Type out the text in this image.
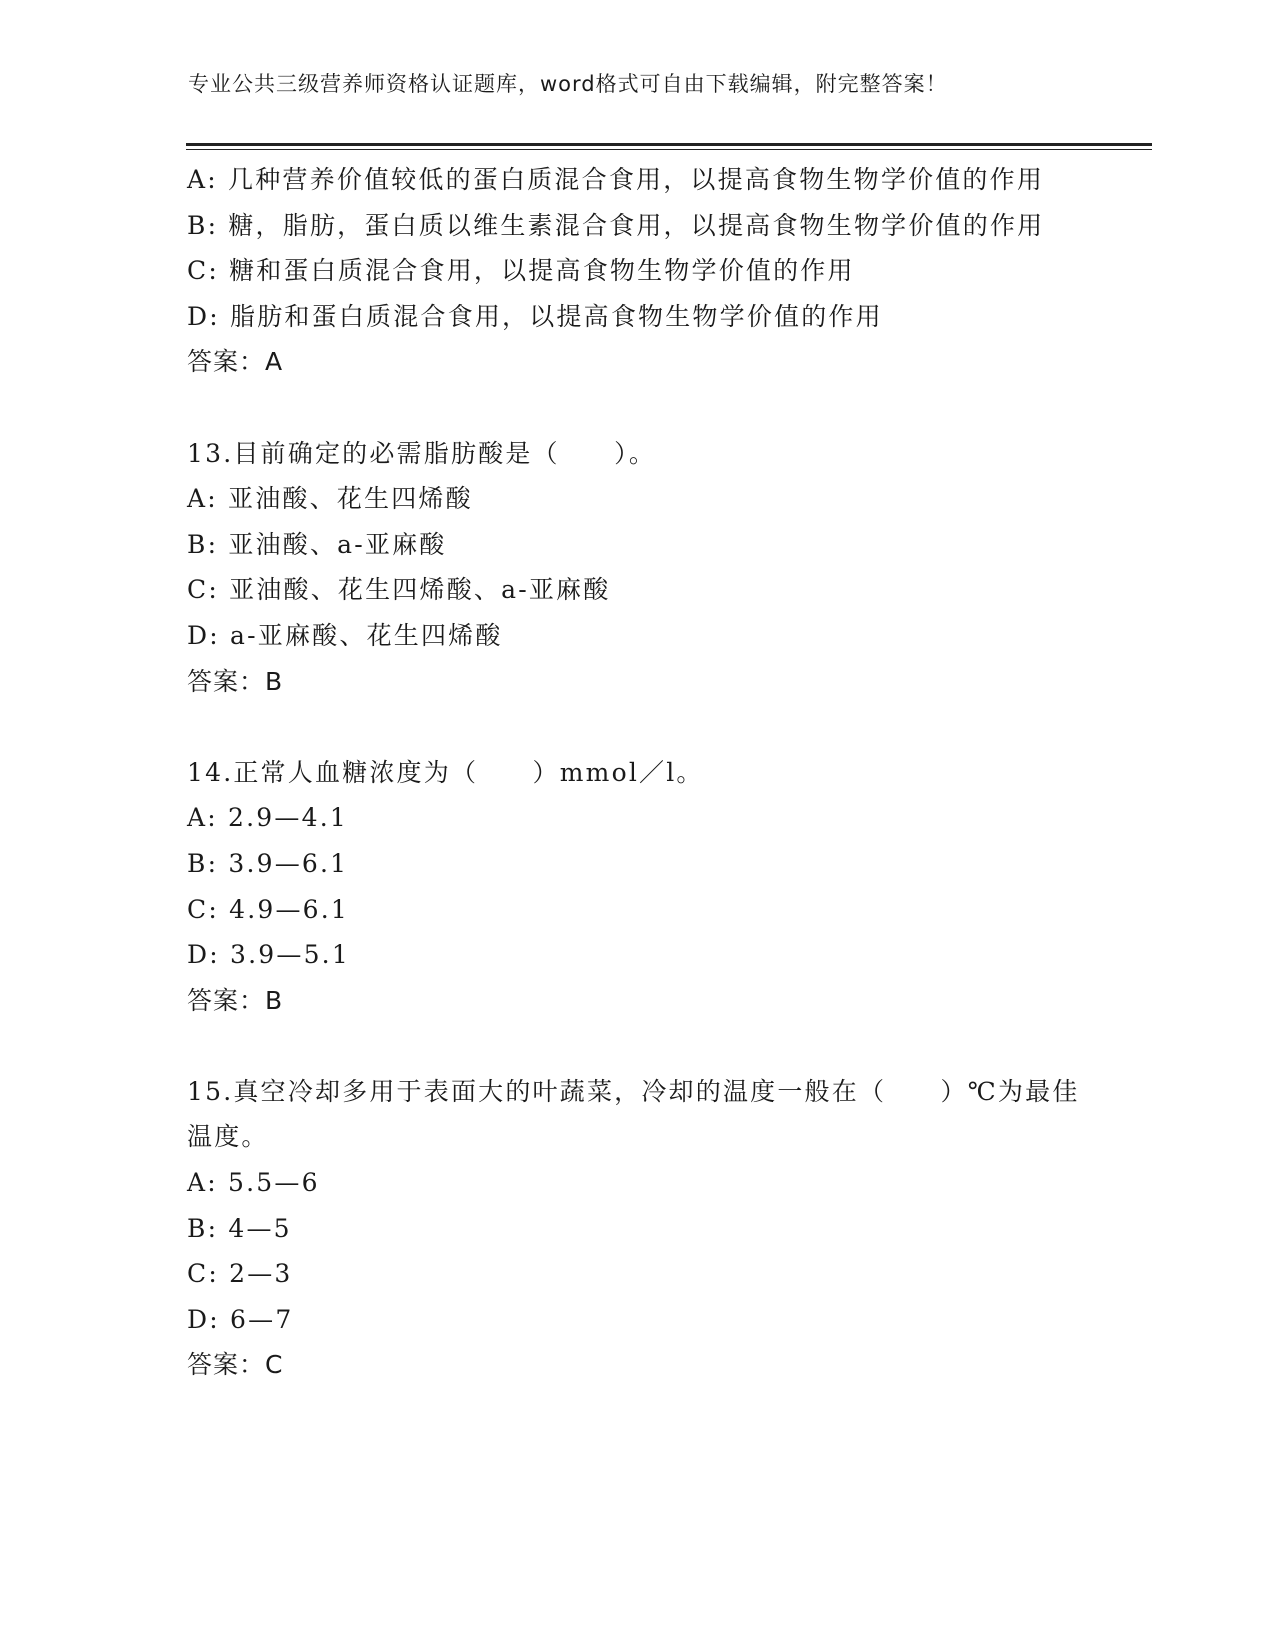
专业公共三级营养师资格认证题库，word格式可自由下载编辑，附完整答案！
A: 几种营养价值较低的蛋白质混合食用，以提高食物生物学价值的作用
B: 糖，脂肪，蛋白质以维生素混合食用，以提高食物生物学价值的作用
C: 糖和蛋白质混合食用，以提高食物生物学价值的作用
D: 脂肪和蛋白质混合食用，以提高食物生物学价值的作用
答案：A
13.目前确定的必需脂肪酸是（　　）。
A: 亚油酸、花生四烯酸
B: 亚油酸、a-亚麻酸
C: 亚油酸、花生四烯酸、a-亚麻酸
D: a-亚麻酸、花生四烯酸
答案：B
14.正常人血糖浓度为（　　）mmol／l。
A: 2.9—4.1
B: 3.9—6.1
C: 4.9—6.1
D: 3.9—5.1
答案：B
15.真空冷却多用于表面大的叶蔬菜，冷却的温度一般在（　　）℃为最佳温度。
A: 5.5—6
B: 4—5
C: 2—3
D: 6—7
答案：C
